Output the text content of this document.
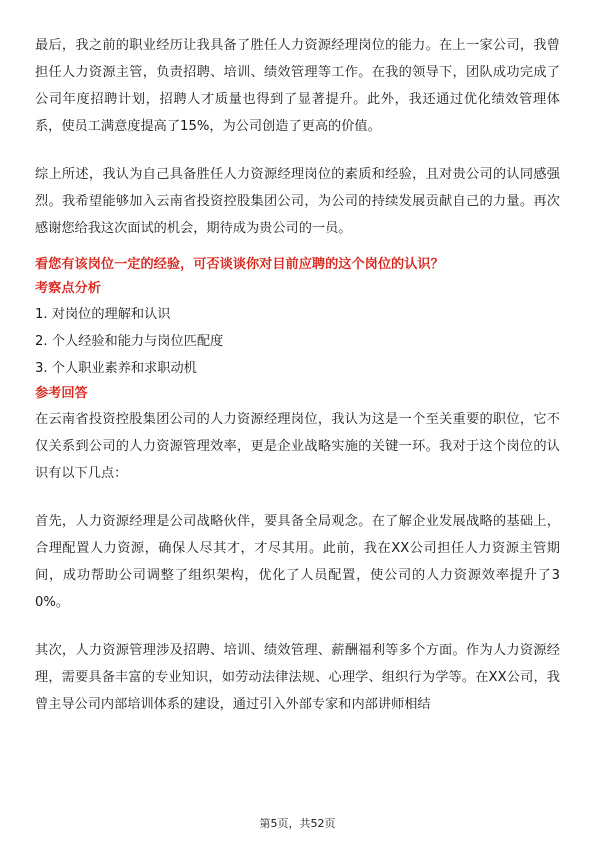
最后，我之前的职业经历让我具备了胜任人力资源经理岗位的能力。在上一家公司，我曾担任人力资源主管，负责招聘、培训、绩效管理等工作。在我的领导下，团队成功完成了公司年度招聘计划，招聘人才质量也得到了显著提升。此外，我还通过优化绩效管理体系，使员工满意度提高了15%，为公司创造了更高的价值。

综上所述，我认为自己具备胜任人力资源经理岗位的素质和经验，且对贵公司的认同感强烈。我希望能够加入云南省投资控股集团公司，为公司的持续发展贡献自己的力量。再次感谢您给我这次面试的机会，期待成为贵公司的一员。

看您有该岗位一定的经验，可否谈谈你对目前应聘的这个岗位的认识？

考察点分析

1. 对岗位的理解和认识
2. 个人经验和能力与岗位匹配度
3. 个人职业素养和求职动机

参考回答

在云南省投资控股集团公司的人力资源经理岗位，我认为这是一个至关重要的职位，它不仅关系到公司的人力资源管理效率，更是企业战略实施的关键一环。我对于这个岗位的认识有以下几点：

首先，人力资源经理是公司战略伙伴，要具备全局观念。在了解企业发展战略的基础上，合理配置人力资源，确保人尽其才，才尽其用。此前，我在XX公司担任人力资源主管期间，成功帮助公司调整了组织架构，优化了人员配置，使公司的人力资源效率提升了30%。

其次，人力资源管理涉及招聘、培训、绩效管理、薪酬福利等多个方面。作为人力资源经理，需要具备丰富的专业知识，如劳动法律法规、心理学、组织行为学等。在XX公司，我曾主导公司内部培训体系的建设，通过引入外部专家和内部讲师相结

第5页，共52页
